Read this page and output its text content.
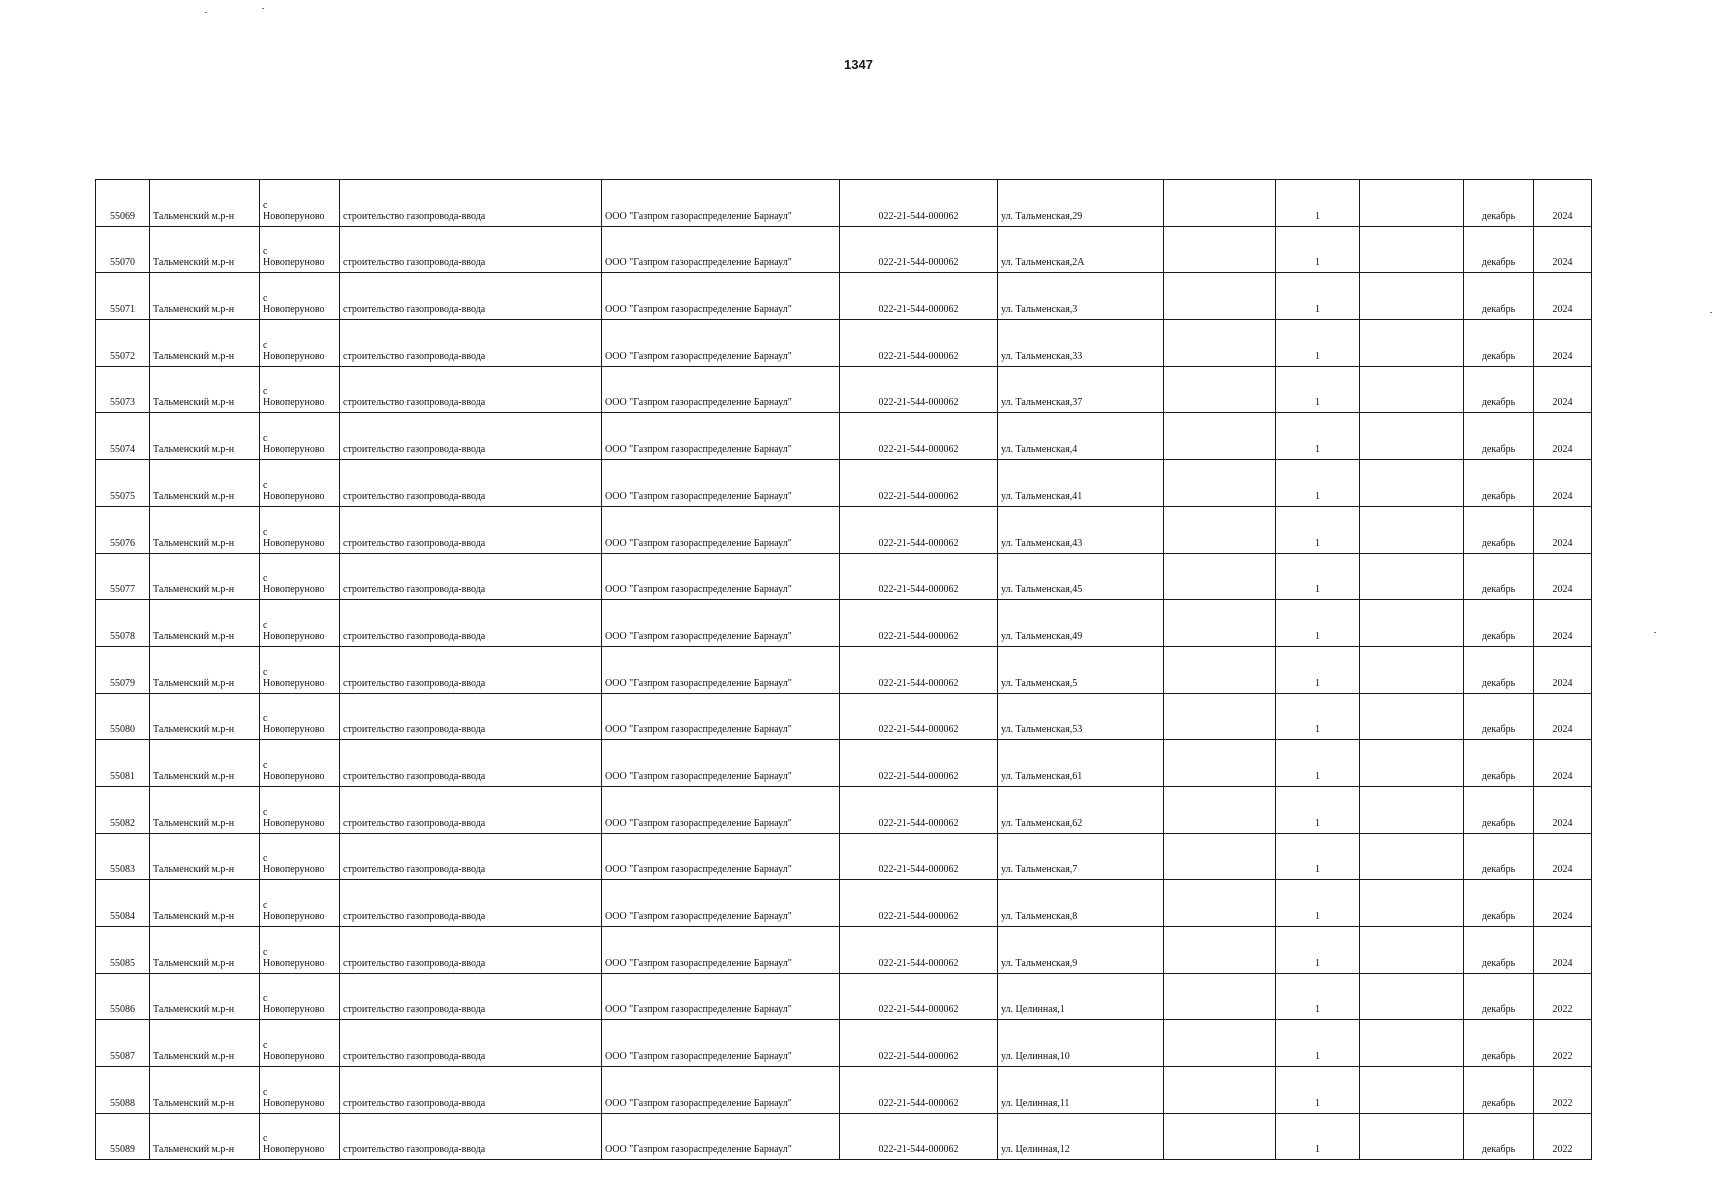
1347
55069	Тальменский м.р-н	с
Новоперуново	строительство газопровода-ввода	ООО "Газпром газораспределение Барнаул"	022-21-544-000062	ул. Тальменская,29		1		декабрь	2024
55070	Тальменский м.р-н	с
Новоперуново	строительство газопровода-ввода	ООО "Газпром газораспределение Барнаул"	022-21-544-000062	ул. Тальменская,2А		1		декабрь	2024
55071	Тальменский м.р-н	с
Новоперуново	строительство газопровода-ввода	ООО "Газпром газораспределение Барнаул"	022-21-544-000062	ул. Тальменская,3		1		декабрь	2024
55072	Тальменский м.р-н	с
Новоперуново	строительство газопровода-ввода	ООО "Газпром газораспределение Барнаул"	022-21-544-000062	ул. Тальменская,33		1		декабрь	2024
55073	Тальменский м.р-н	с
Новоперуново	строительство газопровода-ввода	ООО "Газпром газораспределение Барнаул"	022-21-544-000062	ул. Тальменская,37		1		декабрь	2024
55074	Тальменский м.р-н	с
Новоперуново	строительство газопровода-ввода	ООО "Газпром газораспределение Барнаул"	022-21-544-000062	ул. Тальменская,4		1		декабрь	2024
55075	Тальменский м.р-н	с
Новоперуново	строительство газопровода-ввода	ООО "Газпром газораспределение Барнаул"	022-21-544-000062	ул. Тальменская,41		1		декабрь	2024
55076	Тальменский м.р-н	с
Новоперуново	строительство газопровода-ввода	ООО "Газпром газораспределение Барнаул"	022-21-544-000062	ул. Тальменская,43		1		декабрь	2024
55077	Тальменский м.р-н	с
Новоперуново	строительство газопровода-ввода	ООО "Газпром газораспределение Барнаул"	022-21-544-000062	ул. Тальменская,45		1		декабрь	2024
55078	Тальменский м.р-н	с
Новоперуново	строительство газопровода-ввода	ООО "Газпром газораспределение Барнаул"	022-21-544-000062	ул. Тальменская,49		1		декабрь	2024
55079	Тальменский м.р-н	с
Новоперуново	строительство газопровода-ввода	ООО "Газпром газораспределение Барнаул"	022-21-544-000062	ул. Тальменская,5		1		декабрь	2024
55080	Тальменский м.р-н	с
Новоперуново	строительство газопровода-ввода	ООО "Газпром газораспределение Барнаул"	022-21-544-000062	ул. Тальменская,53		1		декабрь	2024
55081	Тальменский м.р-н	с
Новоперуново	строительство газопровода-ввода	ООО "Газпром газораспределение Барнаул"	022-21-544-000062	ул. Тальменская,61		1		декабрь	2024
55082	Тальменский м.р-н	с
Новоперуново	строительство газопровода-ввода	ООО "Газпром газораспределение Барнаул"	022-21-544-000062	ул. Тальменская,62		1		декабрь	2024
55083	Тальменский м.р-н	с
Новоперуново	строительство газопровода-ввода	ООО "Газпром газораспределение Барнаул"	022-21-544-000062	ул. Тальменская,7		1		декабрь	2024
55084	Тальменский м.р-н	с
Новоперуново	строительство газопровода-ввода	ООО "Газпром газораспределение Барнаул"	022-21-544-000062	ул. Тальменская,8		1		декабрь	2024
55085	Тальменский м.р-н	с
Новоперуново	строительство газопровода-ввода	ООО "Газпром газораспределение Барнаул"	022-21-544-000062	ул. Тальменская,9		1		декабрь	2024
55086	Тальменский м.р-н	с
Новоперуново	строительство газопровода-ввода	ООО "Газпром газораспределение Барнаул"	022-21-544-000062	ул. Целинная,1		1		декабрь	2022
55087	Тальменский м.р-н	с
Новоперуново	строительство газопровода-ввода	ООО "Газпром газораспределение Барнаул"	022-21-544-000062	ул. Целинная,10		1		декабрь	2022
55088	Тальменский м.р-н	с
Новоперуново	строительство газопровода-ввода	ООО "Газпром газораспределение Барнаул"	022-21-544-000062	ул. Целинная,11		1		декабрь	2022
55089	Тальменский м.р-н	с
Новоперуново	строительство газопровода-ввода	ООО "Газпром газораспределение Барнаул"	022-21-544-000062	ул. Целинная,12		1		декабрь	2022
